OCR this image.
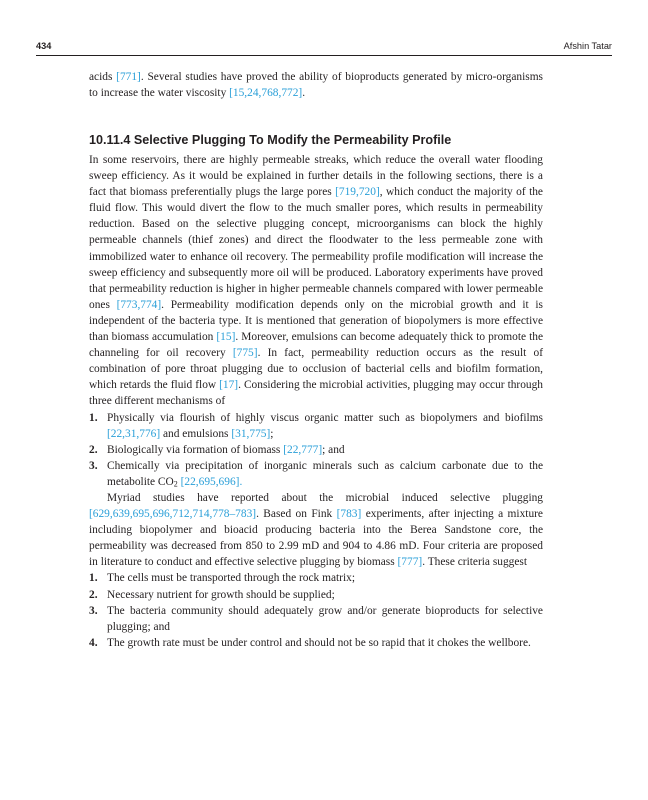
434	Afshin Tatar

acids [771]. Several studies have proved the ability of bioproducts generated by micro-organisms to increase the water viscosity [15,24,768,772].

10.11.4 Selective Plugging To Modify the Permeability Profile

In some reservoirs, there are highly permeable streaks, which reduce the overall water flooding sweep efficiency. As it would be explained in further details in the following sections, there is a fact that biomass preferentially plugs the large pores [719,720], which conduct the majority of the fluid flow. This would divert the flow to the much smaller pores, which results in permeability reduction. Based on the selective plugging concept, microorganisms can block the highly permeable channels (thief zones) and direct the floodwater to the less permeable zone with immobilized water to enhance oil recovery. The permeability profile modification will increase the sweep efficiency and subsequently more oil will be produced. Laboratory experiments have proved that permeability reduction is higher in higher permeable channels compared with lower permeable ones [773,774]. Permeability modification depends only on the microbial growth and it is independent of the bacteria type. It is mentioned that generation of biopolymers is more effective than biomass accumulation [15]. Moreover, emulsions can become adequately thick to promote the channeling for oil recovery [775]. In fact, permeability reduction occurs as the result of combination of pore throat plugging due to occlusion of bacterial cells and biofilm formation, which retards the fluid flow [17]. Considering the microbial activities, plugging may occur through three different mechanisms of

1. Physically via flourish of highly viscus organic matter such as biopolymers and biofilms [22,31,776] and emulsions [31,775];
2. Biologically via formation of biomass [22,777]; and
3. Chemically via precipitation of inorganic minerals such as calcium carbonate due to the metabolite $CO_2$ [22,695,696].

Myriad studies have reported about the microbial induced selective plugging [629,639,695,696,712,714,778–783]. Based on Fink [783] experiments, after injecting a mixture including biopolymer and bioacid producing bacteria into the Berea Sandstone core, the permeability was decreased from 850 to 2.99 mD and 904 to 4.86 mD. Four criteria are proposed in literature to conduct and effective selective plugging by biomass [777]. These criteria suggest

1. The cells must be transported through the rock matrix;
2. Necessary nutrient for growth should be supplied;
3. The bacteria community should adequately grow and/or generate bioproducts for selective plugging; and
4. The growth rate must be under control and should not be so rapid that it chokes the wellbore.
